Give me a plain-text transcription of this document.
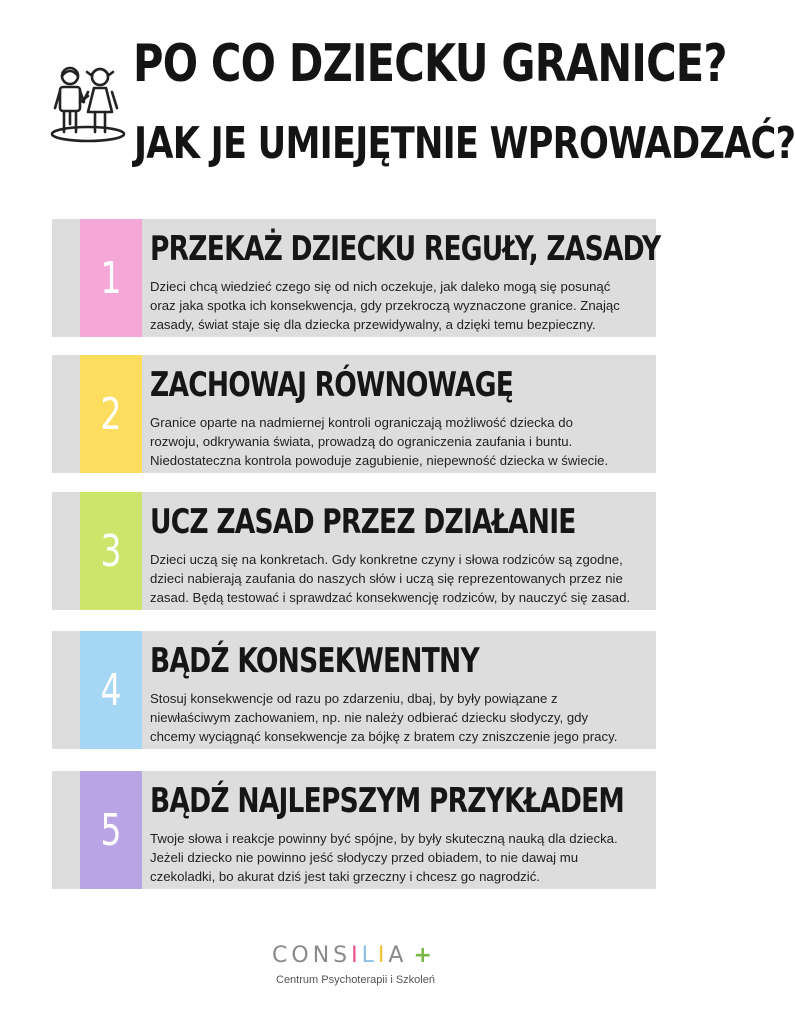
PO CO DZIECKU GRANICE?
JAK JE UMIEJĘTNIE WPROWADZAĆ?
1
PRZEKAŻ DZIECKU REGUŁY, ZASADY

Dzieci chcą wiedzieć czego się od nich oczekuje, jak daleko mogą się posunąć
oraz jaka spotka ich konsekwencja, gdy przekroczą wyznaczone granice. Znając
zasady, świat staje się dla dziecka przewidywalny, a dzięki temu bezpieczny.

2
ZACHOWAJ RÓWNOWAGĘ

Granice oparte na nadmiernej kontroli ograniczają możliwość dziecka do
rozwoju, odkrywania świata, prowadzą do ograniczenia zaufania i buntu.
Niedostateczna kontrola powoduje zagubienie, niepewność dziecka w świecie.

3
UCZ ZASAD PRZEZ DZIAŁANIE

Dzieci uczą się na konkretach. Gdy konkretne czyny i słowa rodziców są zgodne,
dzieci nabierają zaufania do naszych słów i uczą się reprezentowanych przez nie
zasad. Będą testować i sprawdzać konsekwencję rodziców, by nauczyć się zasad.

4
BĄDŹ KONSEKWENTNY

Stosuj konsekwencje od razu po zdarzeniu, dbaj, by były powiązane z
niewłaściwym zachowaniem, np. nie należy odbierać dziecku słodyczy, gdy
chcemy wyciągnąć konsekwencje za bójkę z bratem czy zniszczenie jego pracy.

5
BĄDŹ NAJLEPSZYM PRZYKŁADEM

Twoje słowa i reakcje powinny być spójne, by były skuteczną nauką dla dziecka.
Jeżeli dziecko nie powinno jeść słodyczy przed obiadem, to nie dawaj mu
czekoladki, bo akurat dziś jest taki grzeczny i chcesz go nagrodzić.

CONSILIA +
Centrum Psychoterapii i Szkoleń
